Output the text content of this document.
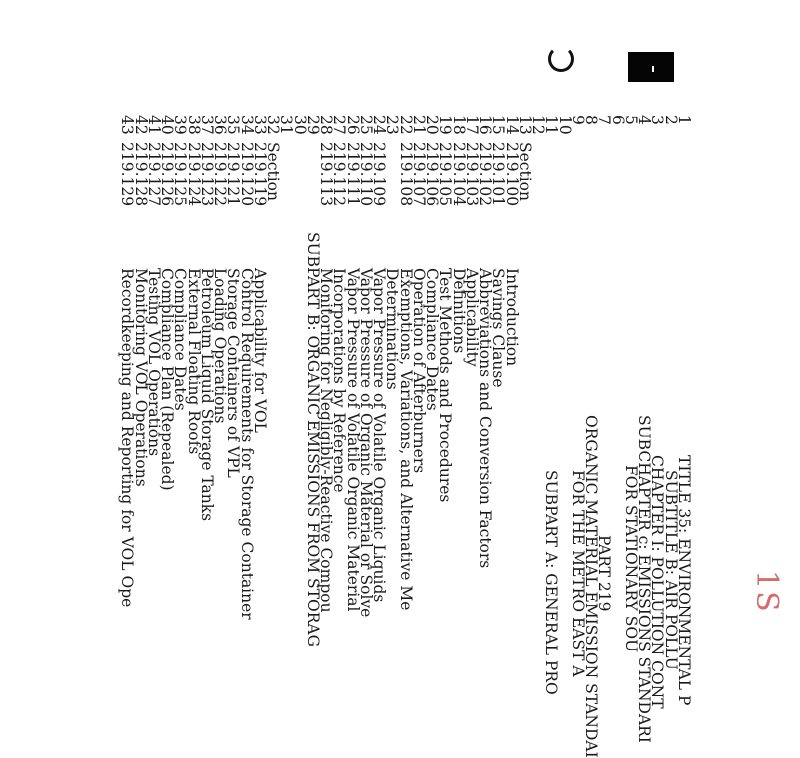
1S
1
2
3
4
5
6
7
8
9
10
11
12
TITLE 35: ENVIRONMENTAL P
SUBTITLE B: AIR POLLU
CHAPTER I: POLLUTION CONT
SUBCHAPTER c: EMISSIONS STANDARI
FOR STATIONARY SOU
PART 219
ORGANIC MATERIAL EMISSION STANDAI
FOR THE METRO EAST A
SUBPART A: GENERAL PRO
13
Section
14
219.100
Introduction
15
219.101
Savings Clause
16
219.102
Abbreviations and Conversion Factors
17
219.103
Applicability
18
219.104
Definitions
19
219.105
Test Methods and Procedures
20
219.106
Compliance Dates
21
219.107
Operation of Afterburners
22
219.108
Exemptions, Variations, and Alternative Me
23
Determinations
24
219.109
Vapor Pressure of Volatile Organic Liquids
25
219.110
Vapor Pressure of Organic Material or Solve
26
219.111
Vapor Pressure of Volatile Organic Material
27
219.112
Incorporations by Reference
28
219.113
Monitoring for Negligibly-Reactive Compou
29
SUBPART B: ORGANIC EMISSIONS FROM STORAG
30
31
32
Section
33
219.119
Applicability for VOL
34
219.120
Control Requirements for Storage Container
35
219.121
Storage Containers of VPL
36
219.122
Loading Operations
37
219.123
Petroleum Liquid Storage Tanks
38
219.124
External Floating Roofs
39
219.125
Compliance Dates
40
219.126
Compliance Plan (Repealed)
41
219.127
Testing VOL Operations
42
219.128
Monitoring VOL Operations
43
219.129
Recordkeeping and Reporting for VOL Ope
